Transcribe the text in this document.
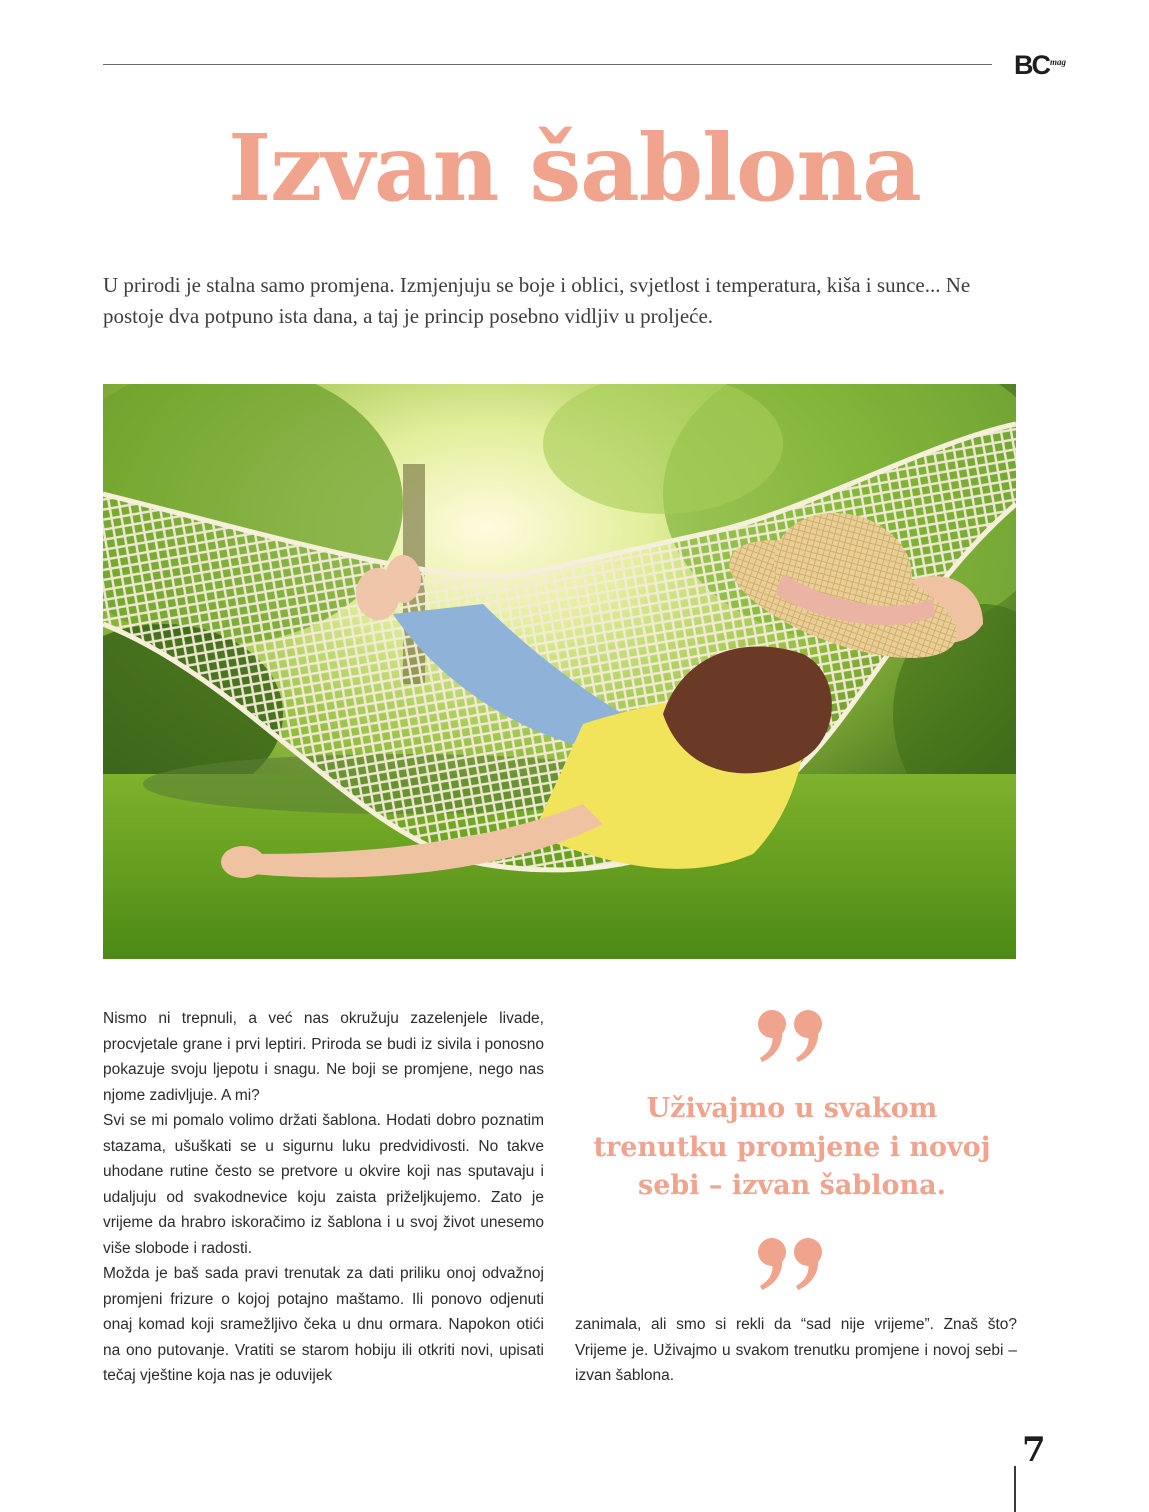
BC mag
Izvan šablona

U prirodi je stalna samo promjena. Izmjenjuju se boje i oblici, svjetlost i temperatura, kiša i sunce... Ne postoje dva potpuno ista dana, a taj je princip posebno vidljiv u proljeće.

Nismo ni trepnuli, a već nas okružuju zazelenjele livade, procvjetale grane i prvi leptiri. Priroda se budi iz sivila i ponosno pokazuje svoju ljepotu i snagu. Ne boji se promjene, nego nas njome zadivljuje. A mi?

Svi se mi pomalo volimo držati šablona. Hodati dobro poznatim stazama, ušuškati se u sigurnu luku predvidivosti. No takve uhodane rutine često se pretvore u okvire koji nas sputavaju i udaljuju od svakodnevice koju zaista priželjkujemo. Zato je vrijeme da hrabro iskoračimo iz šablona i u svoj život unesemo više slobode i radosti.

Možda je baš sada pravi trenutak za dati priliku onoj odvažnoj promjeni frizure o kojoj potajno maštamo. Ili ponovo odjenuti onaj komad koji sramežljivo čeka u dnu ormara. Napokon otići na ono putovanje. Vratiti se starom hobiju ili otkriti novi, upisati tečaj vještine koja nas je oduvijek

Uživajmo u svakom trenutku promjene i novoj sebi – izvan šablona.

zanimala, ali smo si rekli da “sad nije vrijeme”. Znaš što? Vrijeme je. Uživajmo u svakom trenutku promjene i novoj sebi – izvan šablona.

7
